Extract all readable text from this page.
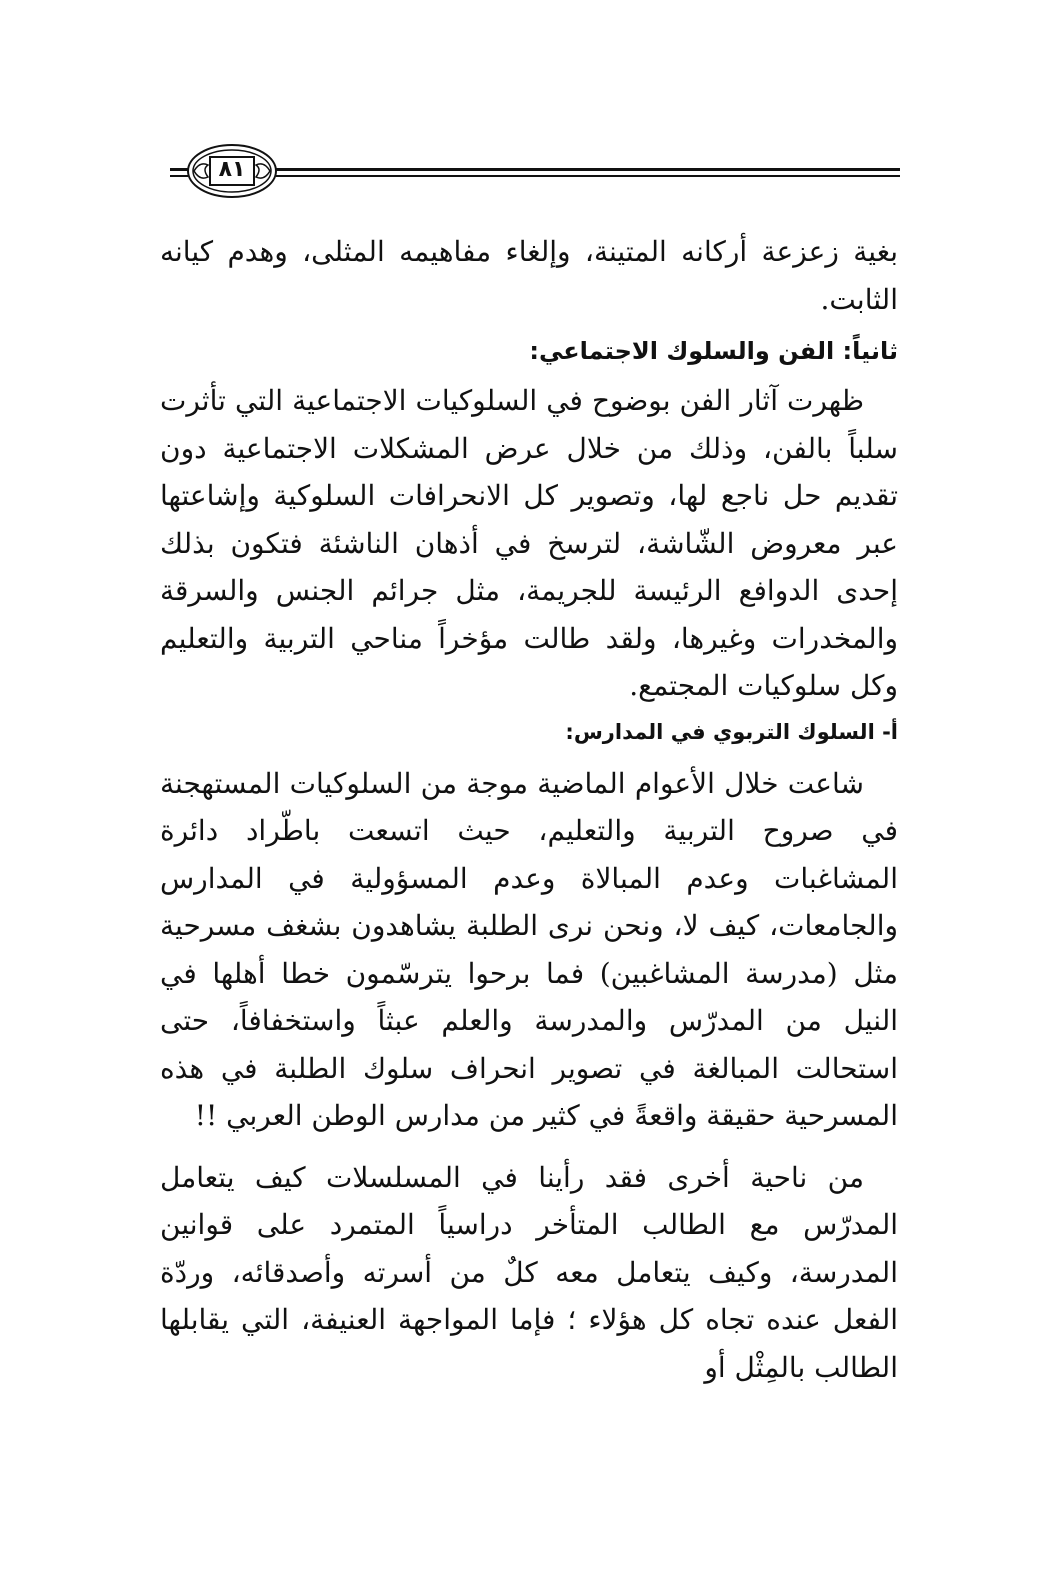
٨١

بغية زعزعة أركانه المتينة، وإلغاء مفاهيمه المثلى، وهدم كيانه الثابت.

ثانياً: الفن والسلوك الاجتماعي:

ظهرت آثار الفن بوضوح في السلوكيات الاجتماعية التي تأثرت سلباً بالفن، وذلك من خلال عرض المشكلات الاجتماعية دون تقديم حل ناجع لها، وتصوير كل الانحرافات السلوكية وإشاعتها عبر معروض الشّاشة، لترسخ في أذهان الناشئة فتكون بذلك إحدى الدوافع الرئيسة للجريمة، مثل جرائم الجنس والسرقة والمخدرات وغيرها، ولقد طالت مؤخراً مناحي التربية والتعليم وكل سلوكيات المجتمع.

أ- السلوك التربوي في المدارس:

شاعت خلال الأعوام الماضية موجة من السلوكيات المستهجنة في صروح التربية والتعليم، حيث اتسعت باطّراد دائرة المشاغبات وعدم المبالاة وعدم المسؤولية في المدارس والجامعات، كيف لا، ونحن نرى الطلبة يشاهدون بشغف مسرحية مثل (مدرسة المشاغبين) فما برحوا يترسّمون خطا أهلها في النيل من المدرّس والمدرسة والعلم عبثاً واستخفافاً، حتى استحالت المبالغة في تصوير انحراف سلوك الطلبة في هذه المسرحية حقيقة واقعةً في كثير من مدارس الوطن العربي !!

من ناحية أخرى فقد رأينا في المسلسلات كيف يتعامل المدرّس مع الطالب المتأخر دراسياً المتمرد على قوانين المدرسة، وكيف يتعامل معه كلٌ من أسرته وأصدقائه، وردّة الفعل عنده تجاه كل هؤلاء ؛ فإما المواجهة العنيفة، التي يقابلها الطالب بالمِثْل أو
